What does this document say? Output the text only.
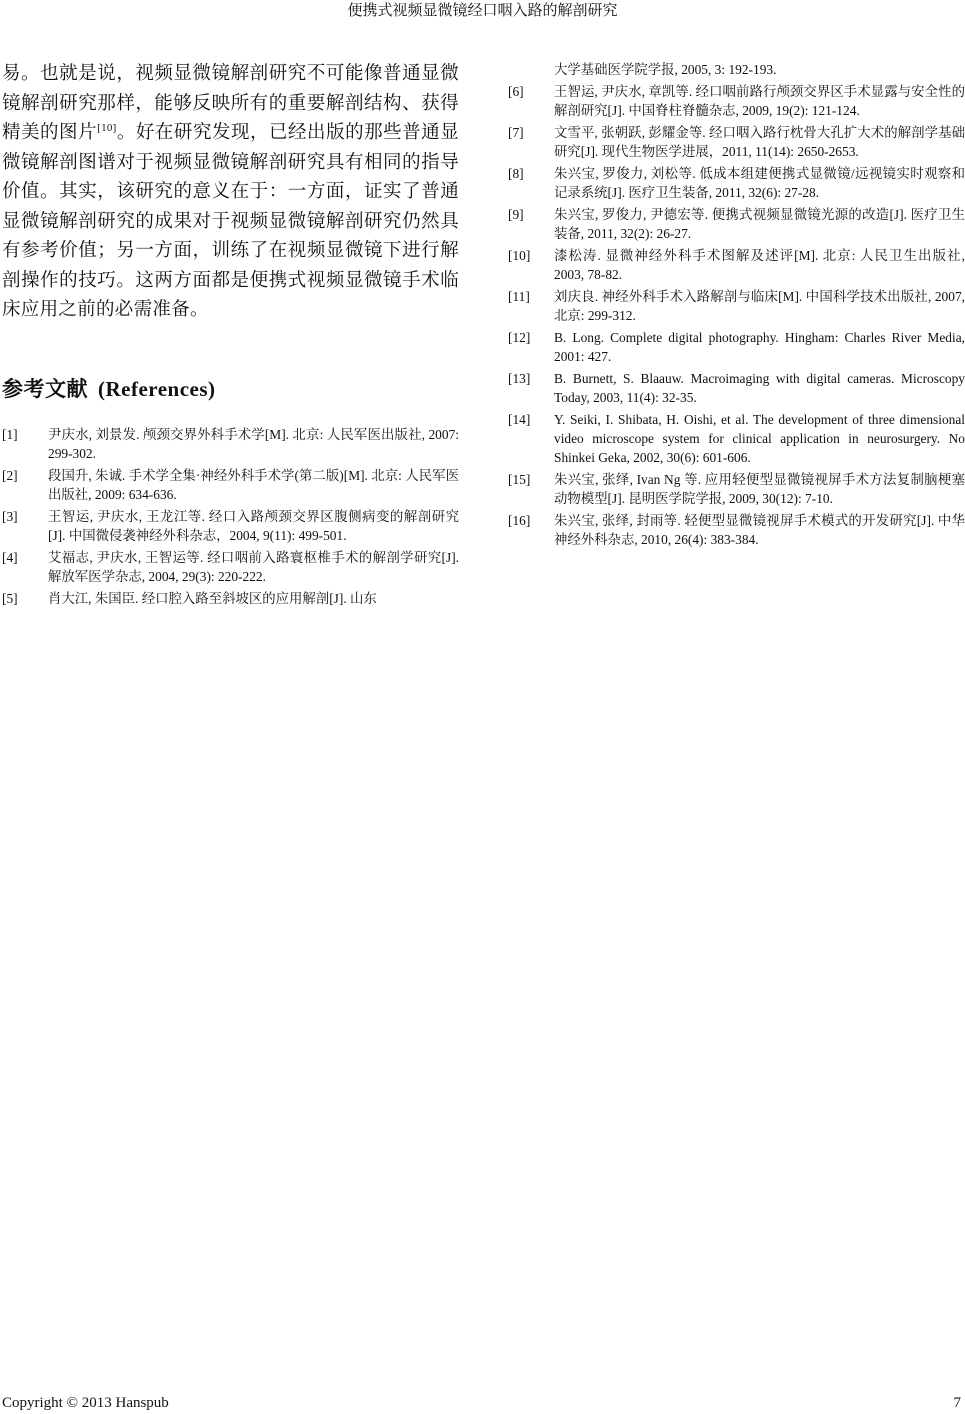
便携式视频显微镜经口咽入路的解剖研究

易。也就是说，视频显微镜解剖研究不可能像普通显微镜解剖研究那样，能够反映所有的重要解剖结构、获得精美的图片[10]。好在研究发现，已经出版的那些普通显微镜解剖图谱对于视频显微镜解剖研究具有相同的指导价值。其实，该研究的意义在于：一方面，证实了普通显微镜解剖研究的成果对于视频显微镜解剖研究仍然具有参考价值；另一方面，训练了在视频显微镜下进行解剖操作的技巧。这两方面都是便携式视频显微镜手术临床应用之前的必需准备。

参考文献 (References)
[1]	尹庆水, 刘景发. 颅颈交界外科手术学[M]. 北京: 人民军医出版社, 2007: 299-302.
[2]	段国升, 朱诚. 手术学全集·神经外科手术学(第二版)[M]. 北京: 人民军医出版社, 2009: 634-636.
[3]	王智运, 尹庆水, 王龙江等. 经口入路颅颈交界区腹侧病变的解剖研究[J]. 中国微侵袭神经外科杂志，2004, 9(11): 499-501.
[4]	艾福志, 尹庆水, 王智运等. 经口咽前入路寰枢椎手术的解剖学研究[J]. 解放军医学杂志, 2004, 29(3): 220-222.
[5]	肖大江, 朱国臣. 经口腔入路至斜坡区的应用解剖[J]. 山东
大学基础医学院学报, 2005, 3: 192-193.
[6]	王智运, 尹庆水, 章凯等. 经口咽前路行颅颈交界区手术显露与安全性的解剖研究[J]. 中国脊柱脊髓杂志, 2009, 19(2): 121-124.
[7]	文雪平, 张朝跃, 彭耀金等. 经口咽入路行枕骨大孔扩大术的解剖学基础研究[J]. 现代生物医学进展，2011, 11(14): 2650-2653.
[8]	朱兴宝, 罗俊力, 刘松等. 低成本组建便携式显微镜/远视镜实时观察和记录系统[J]. 医疗卫生装备, 2011, 32(6): 27-28.
[9]	朱兴宝, 罗俊力, 尹德宏等. 便携式视频显微镜光源的改造[J]. 医疗卫生装备, 2011, 32(2): 26-27.
[10]	漆松涛. 显微神经外科手术图解及述评[M]. 北京: 人民卫生出版社, 2003, 78-82.
[11]	刘庆良. 神经外科手术入路解剖与临床[M]. 中国科学技术出版社, 2007, 北京: 299-312.
[12]	B. Long. Complete digital photography. Hingham: Charles River Media, 2001: 427.
[13]	B. Burnett, S. Blaauw. Macroimaging with digital cameras. Microscopy Today, 2003, 11(4): 32-35.
[14]	Y. Seiki, I. Shibata, H. Oishi, et al. The development of three dimensional video microscope system for clinical application in neurosurgery. No Shinkei Geka, 2002, 30(6): 601-606.
[15]	朱兴宝, 张绎, Ivan Ng 等. 应用轻便型显微镜视屏手术方法复制脑梗塞动物模型[J]. 昆明医学院学报, 2009, 30(12): 7-10.
[16]	朱兴宝, 张绎, 封雨等. 轻便型显微镜视屏手术模式的开发研究[J]. 中华神经外科杂志, 2010, 26(4): 383-384.
Copyright © 2013 Hanspub	7
